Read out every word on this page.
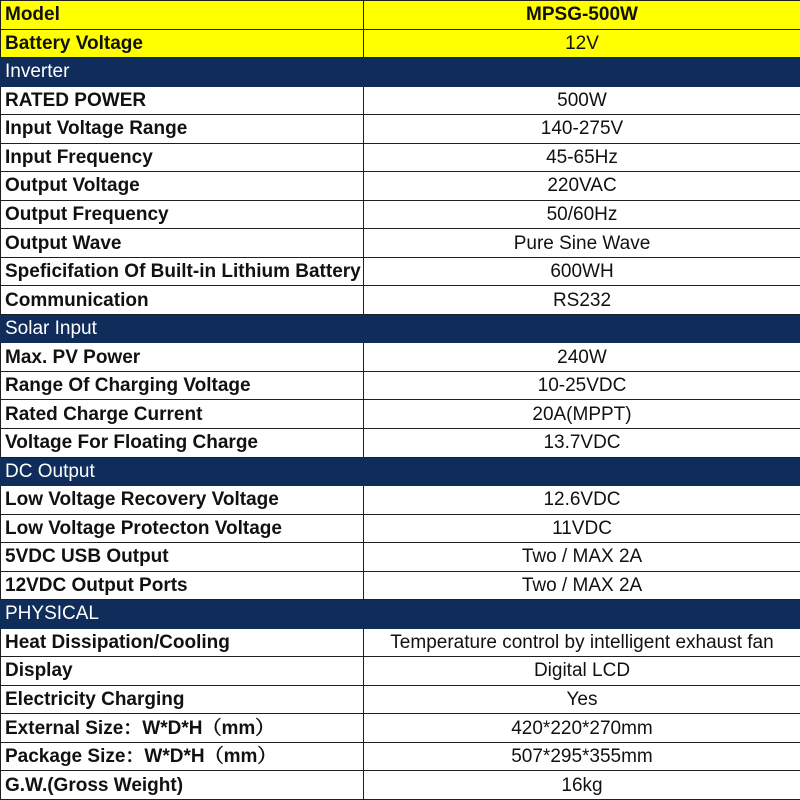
Model	MPSG-500W
Battery Voltage	12V
Inverter	
RATED POWER	500W
Input Voltage Range	140-275V
Input Frequency	45-65Hz
Output Voltage	220VAC
Output Frequency	50/60Hz
Output Wave	Pure Sine Wave
Speficifation Of Built-in Lithium Battery	600WH
Communication	RS232
Solar Input	
Max. PV Power	240W
Range Of Charging Voltage	10-25VDC
Rated Charge Current	20A(MPPT)
Voltage For Floating Charge	13.7VDC
DC Output	
Low Voltage Recovery Voltage	12.6VDC
Low Voltage Protecton Voltage	11VDC
5VDC USB Output	Two / MAX 2A
12VDC Output Ports	Two / MAX 2A
PHYSICAL	
Heat Dissipation/Cooling	Temperature control by intelligent exhaust fan
Display	Digital LCD
Electricity Charging	Yes
External Size：W*D*H（mm）	420*220*270mm
Package Size：W*D*H（mm）	507*295*355mm
G.W.(Gross Weight)	16kg
